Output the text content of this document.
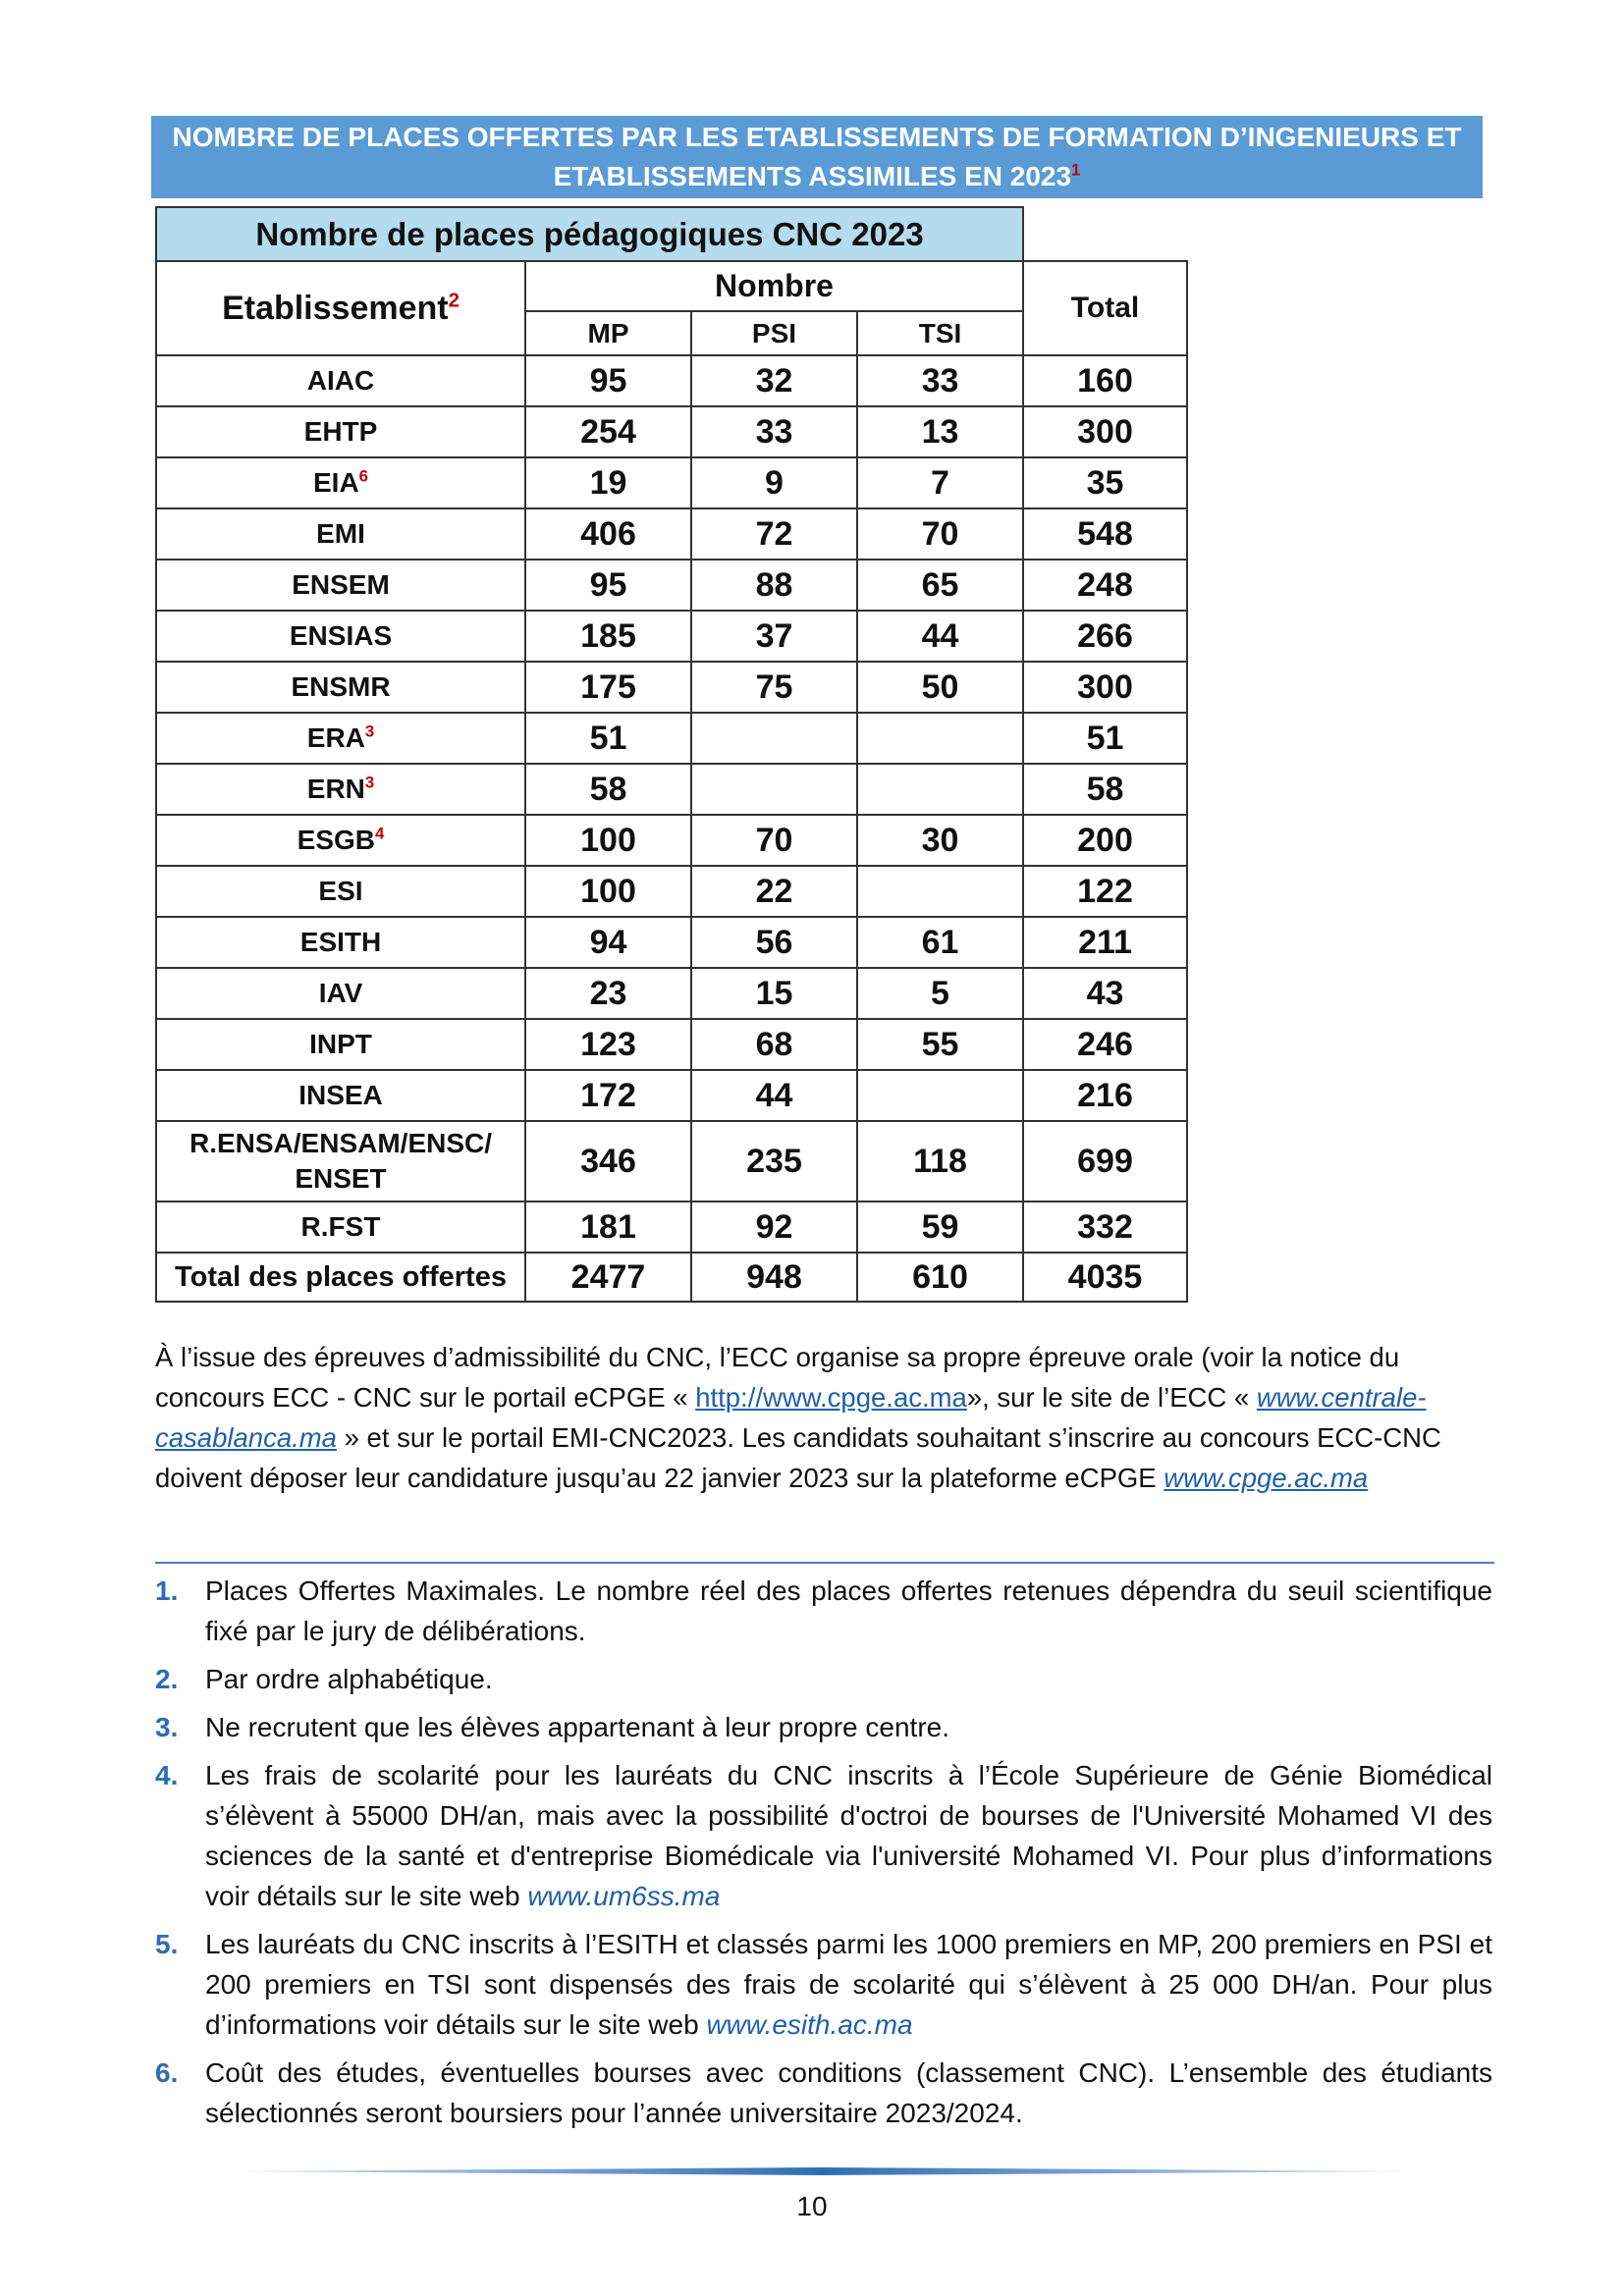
NOMBRE DE PLACES OFFERTES PAR LES ETABLISSEMENTS DE FORMATION D’INGENIEURS ET
ETABLISSEMENTS ASSIMILES EN 2023$^1$
Nombre de places pédagogiques CNC 2023				
Etablissement$^2$	Nombre			Total
	MP	PSI	TSI	
AIAC	95	32	33	160
EHTP	254	33	13	300
EIA$^6$	19	9	7	35
EMI	406	72	70	548
ENSEM	95	88	65	248
ENSIAS	185	37	44	266
ENSMR	175	75	50	300
ERA$^3$	51			51
ERN$^3$	58			58
ESGB$^4$	100	70	30	200
ESI	100	22		122
ESITH	94	56	61	211
IAV	23	15	5	43
INPT	123	68	55	246
INSEA	172	44		216
R.ENSA/ENSAM/ENSC/
ENSET	346	235	118	699
R.FST	181	92	59	332
Total des places offertes	2477	948	610	4035
À l’issue des épreuves d’admissibilité du CNC, l’ECC organise sa propre épreuve orale (voir la notice du concours ECC - CNC sur le portail eCPGE « http://www.cpge.ac.ma», sur le site de l’ECC « www.centrale-casablanca.ma » et sur le portail EMI-CNC2023. Les candidats souhaitant s’inscrire au concours ECC-CNC doivent déposer leur candidature jusqu’au 22 janvier 2023 sur la plateforme eCPGE www.cpge.ac.ma
1. Places Offertes Maximales. Le nombre réel des places offertes retenues dépendra du seuil scientifique fixé par le jury de délibérations.
2. Par ordre alphabétique.
3. Ne recrutent que les élèves appartenant à leur propre centre.
4. Les frais de scolarité pour les lauréats du CNC inscrits à l’École Supérieure de Génie Biomédical s’élèvent à 55000 DH/an, mais avec la possibilité d'octroi de bourses de l'Université Mohamed VI des sciences de la santé et d'entreprise Biomédicale via l'université Mohamed VI. Pour plus d’informations voir détails sur le site web www.um6ss.ma
5. Les lauréats du CNC inscrits à l’ESITH et classés parmi les 1000 premiers en MP, 200 premiers en PSI et 200 premiers en TSI sont dispensés des frais de scolarité qui s’élèvent à 25 000 DH/an. Pour plus d’informations voir détails sur le site web www.esith.ac.ma
6. Coût des études, éventuelles bourses avec conditions (classement CNC). L’ensemble des étudiants sélectionnés seront boursiers pour l’année universitaire 2023/2024.
10
